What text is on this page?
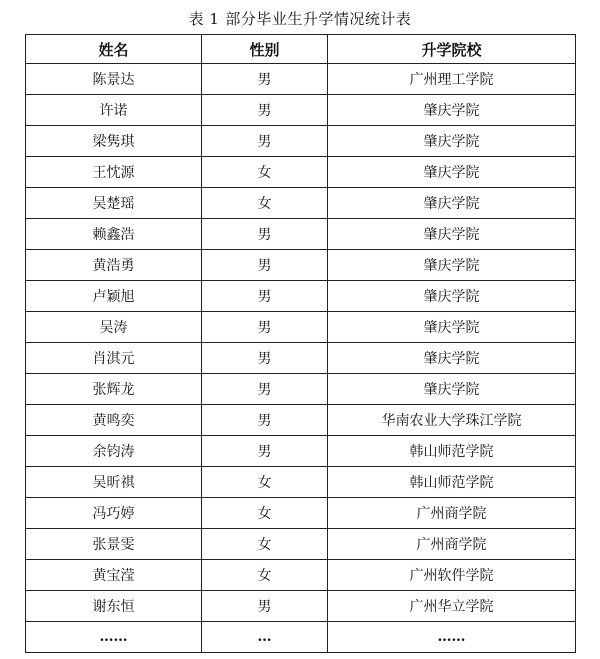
表 1 部分毕业生升学情况统计表
姓名	性别	升学院校
陈景达	男	广州理工学院
许诺	男	肇庆学院
梁隽琪	男	肇庆学院
王忱源	女	肇庆学院
吴楚瑶	女	肇庆学院
赖鑫浩	男	肇庆学院
黄浩勇	男	肇庆学院
卢颖旭	男	肇庆学院
吴涛	男	肇庆学院
肖淇元	男	肇庆学院
张辉龙	男	肇庆学院
黄鸣奕	男	华南农业大学珠江学院
余钧涛	男	韩山师范学院
吴昕祺	女	韩山师范学院
冯巧婷	女	广州商学院
张景雯	女	广州商学院
黄宝滢	女	广州软件学院
谢东恒	男	广州华立学院
……	…	……
